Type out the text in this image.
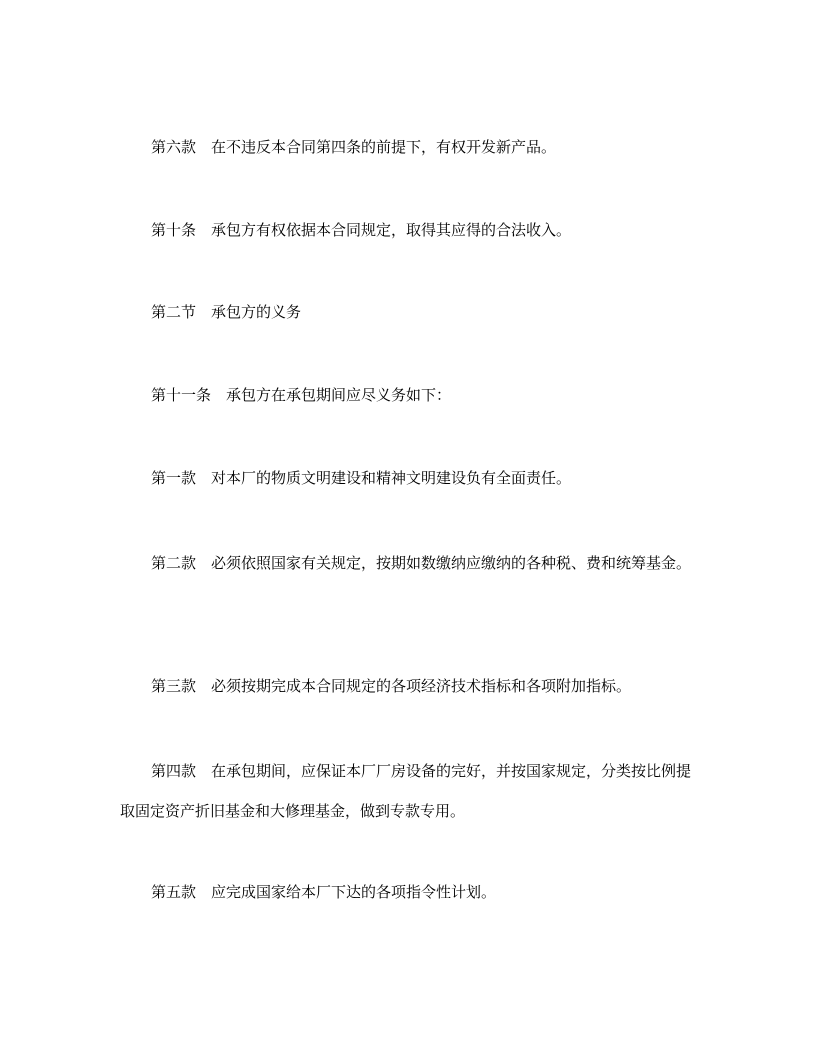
第六款　在不违反本合同第四条的前提下，有权开发新产品。

第十条　承包方有权依据本合同规定，取得其应得的合法收入。

第二节　承包方的义务

第十一条　承包方在承包期间应尽义务如下：

第一款　对本厂的物质文明建设和精神文明建设负有全面责任。

第二款　必须依照国家有关规定，按期如数缴纳应缴纳的各种税、费和统筹基金。

第三款　必须按期完成本合同规定的各项经济技术指标和各项附加指标。

第四款　在承包期间，应保证本厂厂房设备的完好，并按国家规定，分类按比例提取固定资产折旧基金和大修理基金，做到专款专用。

第五款　应完成国家给本厂下达的各项指令性计划。
